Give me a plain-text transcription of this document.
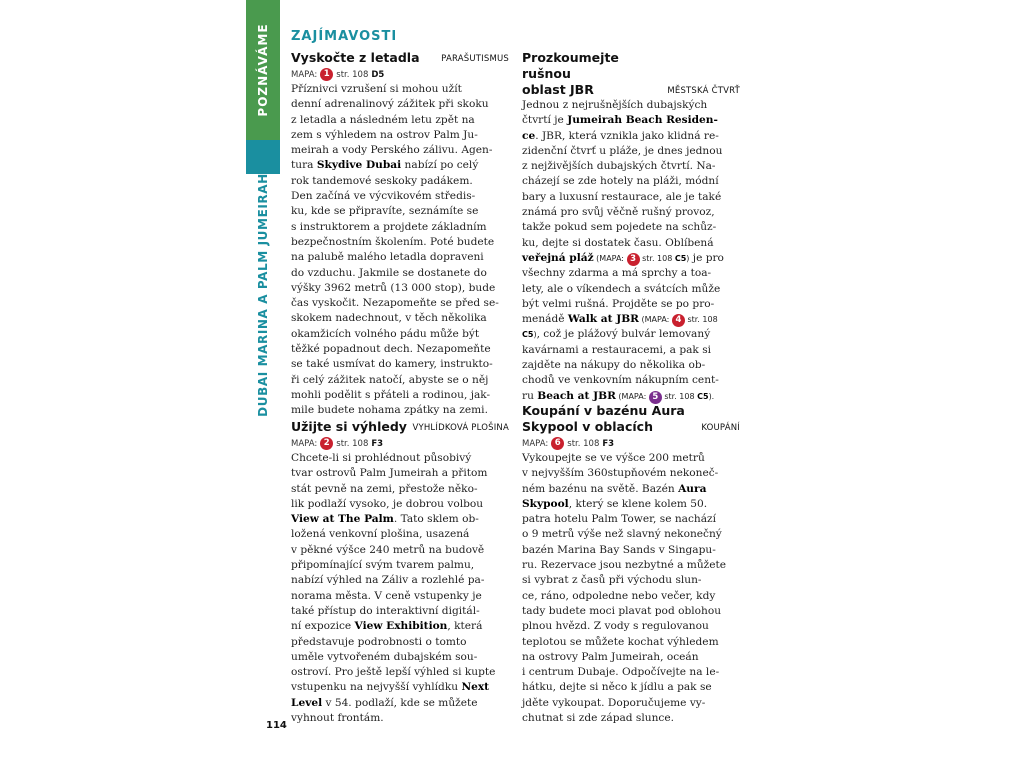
POZNÁVÁME
DUBAI MARINA A PALM JUMEIRAH
ZAJÍMAVOSTI
Vyskočte z letadla	PARAŠUTISMUS
MAPA: 1 str. 108 D5
Příznivci vzrušení si mohou užít
denní adrenalinový zážitek při skoku
z letadla a následném letu zpět na
zem s výhledem na ostrov Palm Ju-
meirah a vody Perského zálivu. Agen-
tura Skydive Dubai nabízí po celý
rok tandemové seskoky padákem.
Den začíná ve výcvikovém středis-
ku, kde se připravíte, seznámíte se
s instruktorem a projdete základním
bezpečnostním školením. Poté budete
na palubě malého letadla dopraveni
do vzduchu. Jakmile se dostanete do
výšky 3962 metrů (13 000 stop), bude
čas vyskočit. Nezapomeňte se před se-
skokem nadechnout, v těch několika
okamžicích volného pádu může být
těžké popadnout dech. Nezapomeňte
se také usmívat do kamery, instrukto-
ři celý zážitek natočí, abyste se o něj
mohli podělit s přáteli a rodinou, jak-
mile budete nohama zpátky na zemi.
Užijte si výhledy VYHLÍDKOVÁ PLOŠINA
MAPA: 2 str. 108 F3
Chcete-li si prohlédnout působivý
tvar ostrovů Palm Jumeirah a přitom
stát pevně na zemi, přestože něko-
lik podlaží vysoko, je dobrou volbou
View at The Palm. Tato sklem ob-
ložená venkovní plošina, usazená
v pěkné výšce 240 metrů na budově
připomínající svým tvarem palmu,
nabízí výhled na Záliv a rozlehlé pa-
norama města. V ceně vstupenky je
také přístup do interaktivní digitál-
ní expozice View Exhibition, která
představuje podrobnosti o tomto
uměle vytvořeném dubajském sou-
ostroví. Pro ještě lepší výhled si kupte
vstupenku na nejvyšší vyhlídku Next
Level v 54. podlaží, kde se můžete
vyhnout frontám.
Prozkoumejte rušnou
oblast JBR	MĚSTSKÁ ČTVRŤ
Jednou z nejrušnějších dubajských
čtvrtí je Jumeirah Beach Residen-
ce. JBR, která vznikla jako klidná re-
zidenční čtvrť u pláže, je dnes jednou
z nejživějších dubajských čtvrtí. Na-
cházejí se zde hotely na pláži, módní
bary a luxusní restaurace, ale je také
známá pro svůj věčně rušný provoz,
takže pokud sem pojedete na schůz-
ku, dejte si dostatek času. Oblíbená
veřejná pláž (MAPA: 3 str. 108 C5) je pro
všechny zdarma a má sprchy a toa-
lety, ale o víkendech a svátcích může
být velmi rušná. Projděte se po pro-
menádě Walk at JBR (MAPA: 4 str. 108
C5), což je plážový bulvár lemovaný
kavárnami a restauracemi, a pak si
zajděte na nákupy do několika ob-
chodů ve venkovním nákupním cent-
ru Beach at JBR (MAPA: 5 str. 108 C5).
Koupání v bazénu Aura
Skypool v oblacích	KOUPÁNÍ
MAPA: 6 str. 108 F3
Vykoupejte se ve výšce 200 metrů
v nejvyšším 360stupňovém nekoneč-
ném bazénu na světě. Bazén Aura
Skypool, který se klene kolem 50.
patra hotelu Palm Tower, se nachází
o 9 metrů výše než slavný nekonečný
bazén Marina Bay Sands v Singapu-
ru. Rezervace jsou nezbytné a můžete
si vybrat z časů při východu slun-
ce, ráno, odpoledne nebo večer, kdy
tady budete moci plavat pod oblohou
plnou hvězd. Z vody s regulovanou
teplotou se můžete kochat výhledem
na ostrovy Palm Jumeirah, oceán
i centrum Dubaje. Odpočívejte na le-
hátku, dejte si něco k jídlu a pak se
jděte vykoupat. Doporučujeme vy-
chutnat si zde západ slunce.
114
